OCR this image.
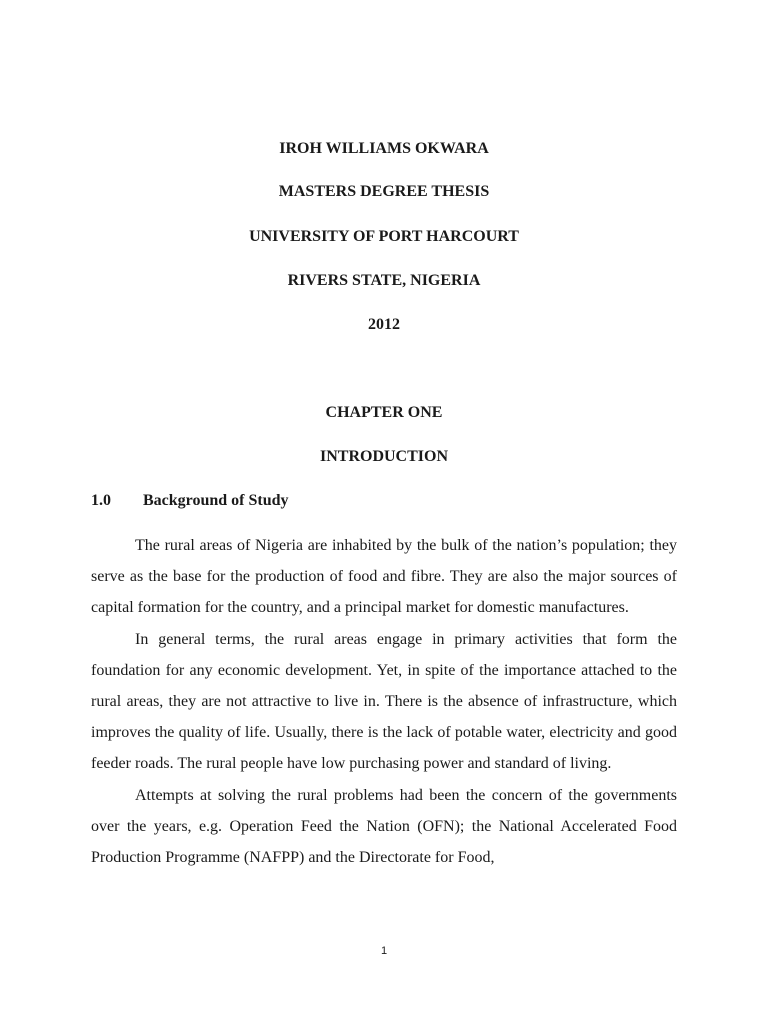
IROH WILLIAMS OKWARA
MASTERS DEGREE THESIS
UNIVERSITY OF PORT HARCOURT
RIVERS STATE, NIGERIA
2012
CHAPTER ONE
INTRODUCTION
1.0 Background of Study

The rural areas of Nigeria are inhabited by the bulk of the nation’s population; they serve as the base for the production of food and fibre. They are also the major sources of capital formation for the country, and a principal market for domestic manufactures.

In general terms, the rural areas engage in primary activities that form the foundation for any economic development. Yet, in spite of the importance attached to the rural areas, they are not attractive to live in. There is the absence of infrastructure, which improves the quality of life. Usually, there is the lack of potable water, electricity and good feeder roads. The rural people have low purchasing power and standard of living.

Attempts at solving the rural problems had been the concern of the governments over the years, e.g. Operation Feed the Nation (OFN); the National Accelerated Food Production Programme (NAFPP) and the Directorate for Food,

1
